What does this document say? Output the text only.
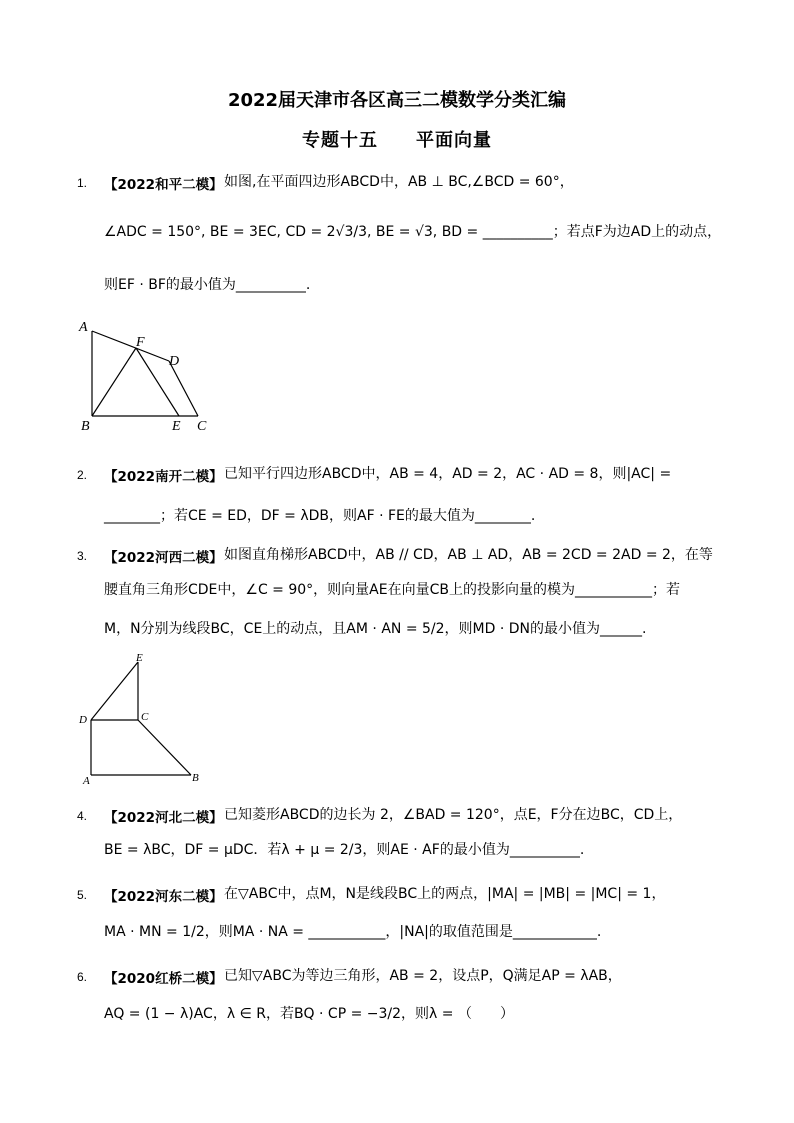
2022届天津市各区高三二模数学分类汇编
专题十五　　平面向量
1. 【2022和平二模】 如图,在平面四边形ABCD中，AB ⊥ BC,∠BCD = 60°，
∠ADC = 150°, BE = 3EC, CD = 2√3/3, BE = √3, BD = __________；若点F为边AD上的动点，
则EF · BF的最小值为__________.
A
F
D
B	E C
2. 【2022南开二模】 已知平行四边形ABCD中，AB = 4，AD = 2，AC · AD = 8，则|AC| =
________；若CE = ED，DF = λDB，则AF · FE的最大值为________.
3. 【2022河西二模】 如图直角梯形ABCD中，AB // CD，AB ⊥ AD，AB = 2CD = 2AD = 2，在等
腰直角三角形CDE中，∠C = 90°，则向量AE在向量CB上的投影向量的模为___________；若
M，N分别为线段BC，CE上的动点，且AM · AN = 5/2，则MD · DN的最小值为______.
E
D	C
A	B
4. 【2022河北二模】 已知菱形ABCD的边长为 2，∠BAD = 120°，点E，F分在边BC，CD上，
BE = λBC，DF = μDC．若λ + μ = 2/3，则AE · AF的最小值为__________.
5. 【2022河东二模】 在▽ABC中，点M，N是线段BC上的两点，|MA| = |MB| = |MC| = 1，
MA · MN = 1/2，则MA · NA = ___________，|NA|的取值范围是____________.
6. 【2020红桥二模】 已知▽ABC为等边三角形，AB = 2，设点P，Q满足AP = λAB，
AQ = (1 − λ)AC，λ ∈ R，若BQ · CP = −3/2，则λ = （　　）
